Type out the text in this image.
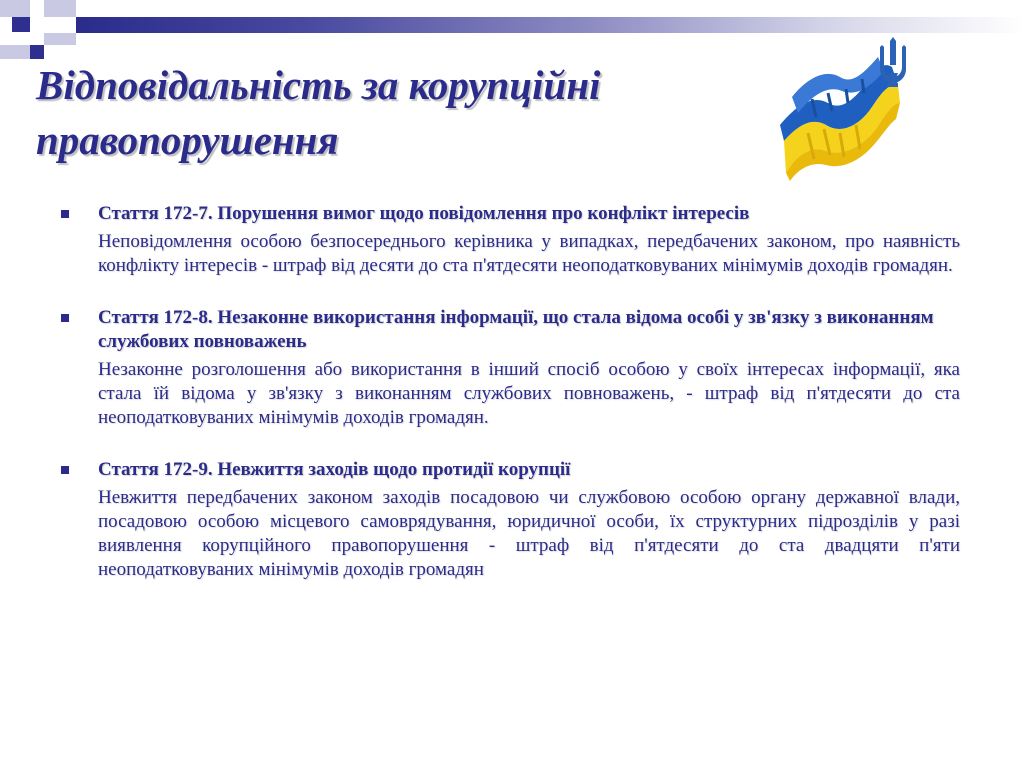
Відповідальність за корупційні правопорушення

Стаття 172-7. Порушення вимог щодо повідомлення про конфлікт інтересів

Неповідомлення особою безпосереднього керівника у випадках, передбачених законом, про наявність конфлікту інтересів - штраф від десяти до ста п'ятдесяти неоподатковуваних мінімумів доходів громадян.

Стаття 172-8. Незаконне використання інформації, що стала відома особі у зв'язку з виконанням службових повноважень

Незаконне розголошення або використання в інший спосіб особою у своїх інтересах інформації, яка стала їй відома у зв'язку з виконанням службових повноважень, - штраф від п'ятдесяти до ста неоподатковуваних мінімумів доходів громадян.

Стаття 172-9. Невжиття заходів щодо протидії корупції

Невжиття передбачених законом заходів посадовою чи службовою особою органу державної влади, посадовою особою місцевого самоврядування, юридичної особи, їх структурних підрозділів у разі виявлення корупційного правопорушення - штраф від п'ятдесяти до ста двадцяти п'яти неоподатковуваних мінімумів доходів громадян
